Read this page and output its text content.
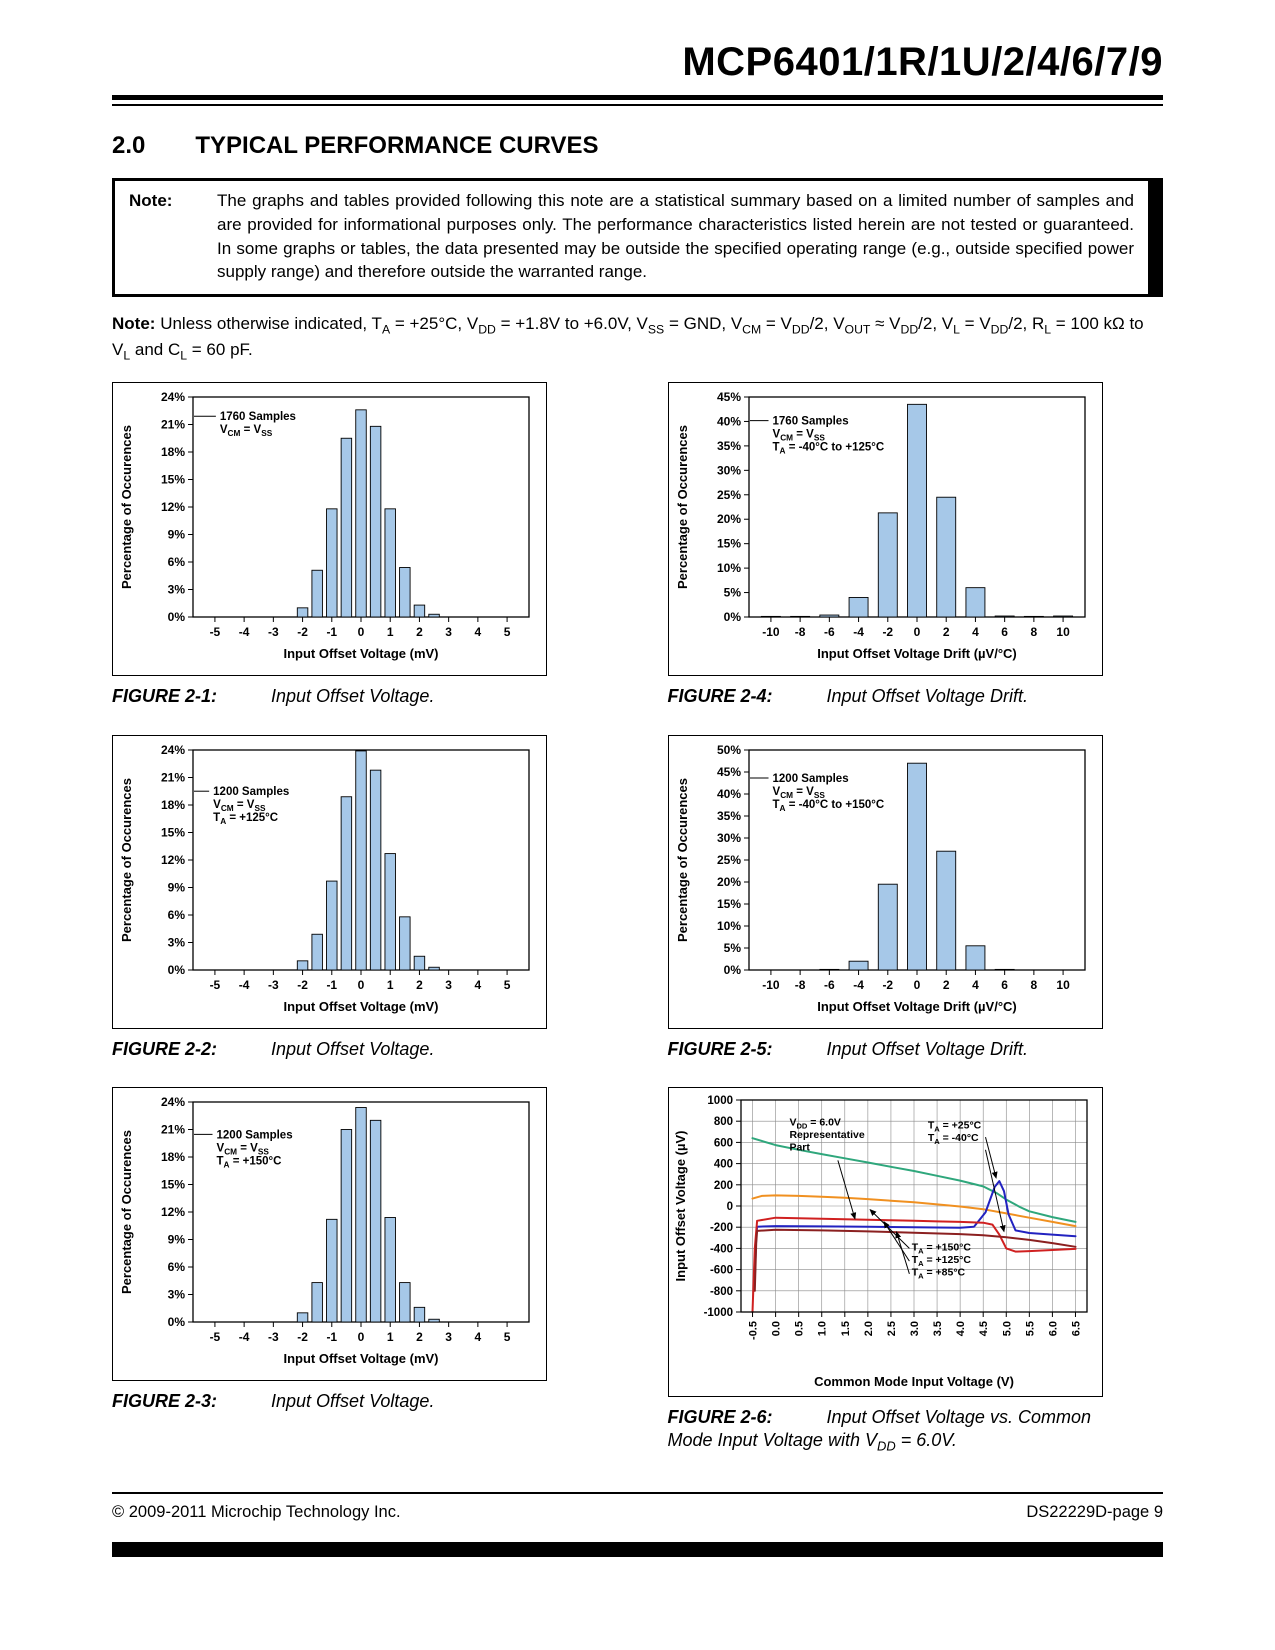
MCP6401/1R/1U/2/4/6/7/9
2.0 TYPICAL PERFORMANCE CURVES
Note:	The graphs and tables provided following this note are a statistical summary based on a limited number of samples and are provided for informational purposes only. The performance characteristics listed herein are not tested or guaranteed. In some graphs or tables, the data presented may be outside the specified operating range (e.g., outside specified power supply range) and therefore outside the warranted range.

Note: Unless otherwise indicated, $T_A = +25^\circ C$, $V_{DD} = +1.8V$ to +6.0V, $V_{SS}$ = GND, $V_{CM} = V_{DD}/2$, $V_{OUT} \approx V_{DD}/2$, $V_L = V_{DD}/2$, $R_L = 100$ kΩ to $V_L$ and $C_L = 60$ pF.

0%
3%
6%
9%
12%
15%
18%
21%
24%
-5 -4 -3 -2 -1 0 1 2 3 4 5
1760 Samples
$V_{CM} = V_{SS}$
Input Offset Voltage (mV)
Percentage of Occurences
FIGURE 2-1:	Input Offset Voltage.
0%
5%
10%
15%
20%
25%
30%
35%
40%
45%
-10 -8 -6 -4 -2 0 2 4 6 8 10
1760 Samples
$V_{CM} = V_{SS}$
$T_A = -40^\circ C$ to +125°C
Input Offset Voltage Drift (µV/°C)
Percentage of Occurences
FIGURE 2-4:	Input Offset Voltage Drift.
0%
3%
6%
9%
12%
15%
18%
21%
24%
-5 -4 -3 -2 -1 0 1 2 3 4 5
1200 Samples
$V_{CM} = V_{SS}$
$T_A = +125^\circ C$
Input Offset Voltage (mV)
Percentage of Occurences
FIGURE 2-2:	Input Offset Voltage.
0%
5%
10%
15%
20%
25%
30%
35%
40%
45%
50%
-10 -8 -6 -4 -2 0 2 4 6 8 10
1200 Samples
$V_{CM} = V_{SS}$
$T_A = -40^\circ C$ to +150°C
Input Offset Voltage Drift (µV/°C)
Percentage of Occurences
FIGURE 2-5:	Input Offset Voltage Drift.
0%
3%
6%
9%
12%
15%
18%
21%
24%
-5 -4 -3 -2 -1 0 1 2 3 4 5
1200 Samples
$V_{CM} = V_{SS}$
$T_A = +150^\circ C$
Input Offset Voltage (mV)
Percentage of Occurences
FIGURE 2-3:	Input Offset Voltage.
-1000
-800
-600
-400
-200
0
200
400
600
800
1000
-0.5 0.0 0.5 1.0 1.5 2.0 2.5 3.0 3.5 4.0 4.5 5.0 5.5 6.0 6.5
$V_{DD} = 6.0V$
Representative
Part
$T_A = +25^\circ C$
$T_A = -40^\circ C$
$T_A = +150^\circ C$
$T_A = +125^\circ C$
$T_A = +85^\circ C$
Common Mode Input Voltage (V)
Input Offset Voltage (µV)
FIGURE 2-6:	Input Offset Voltage vs. Common Mode Input Voltage with $V_{DD} = 6.0V$.
© 2009-2011 Microchip Technology Inc.	DS22229D-page 9
